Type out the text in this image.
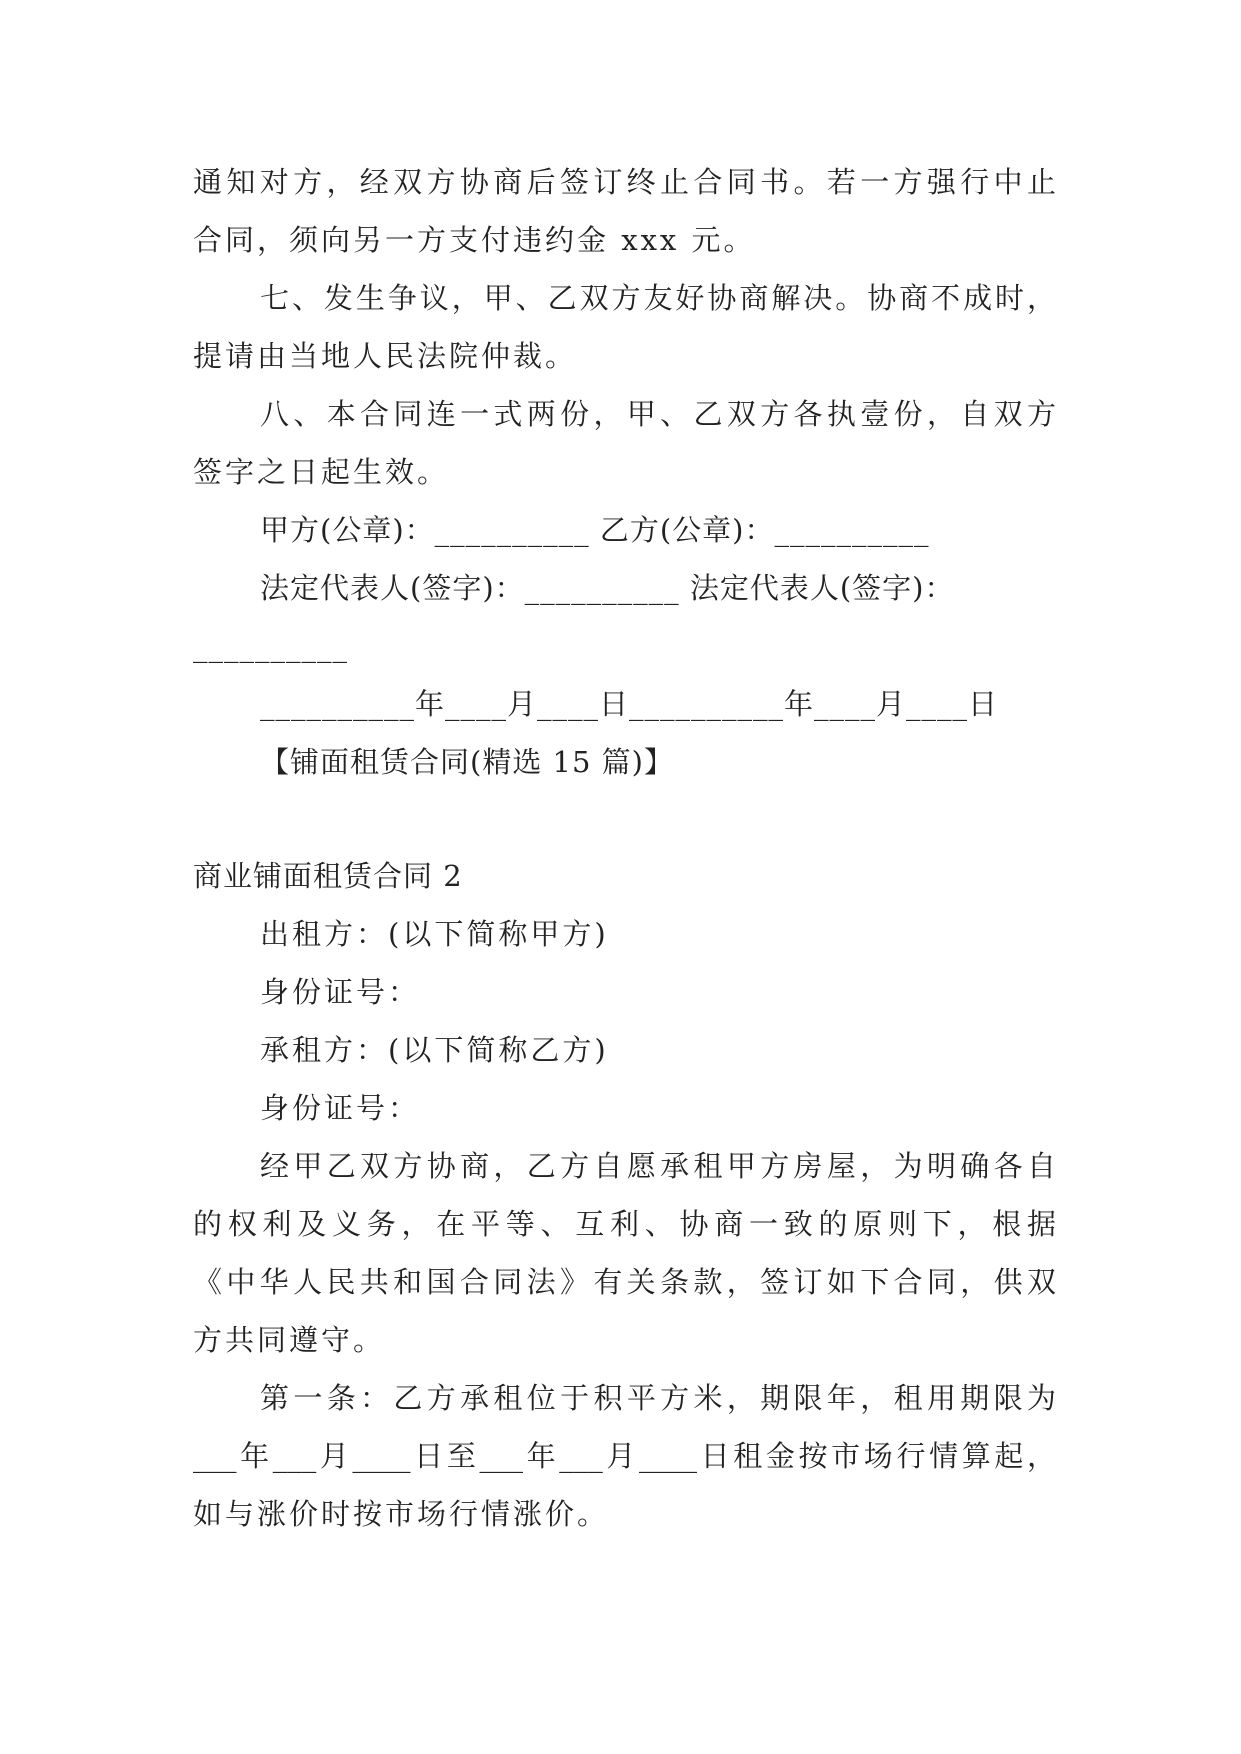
通知对方，经双方协商后签订终止合同书。若一方强行中止
合同，须向另一方支付违约金 xxx 元。
七、发生争议，甲、乙双方友好协商解决。协商不成时，
提请由当地人民法院仲裁。
八、本合同连一式两份，甲、乙双方各执壹份，自双方
签字之日起生效。
甲方(公章)：__________ 乙方(公章)：__________
法定代表人(签字)：__________ 法定代表人(签字)：
__________
__________年____月____日__________年____月____日
【铺面租赁合同(精选 15 篇)】
商业铺面租赁合同 2
出租方：(以下简称甲方)
身份证号：
承租方：(以下简称乙方)
身份证号：
经甲乙双方协商，乙方自愿承租甲方房屋，为明确各自
的权利及义务，在平等、互利、协商一致的原则下，根据
《中华人民共和国合同法》有关条款，签订如下合同，供双
方共同遵守。
第一条：乙方承租位于积平方米，期限年，租用期限为
___年___月____日至___年___月____日租金按市场行情算起，
如与涨价时按市场行情涨价。
